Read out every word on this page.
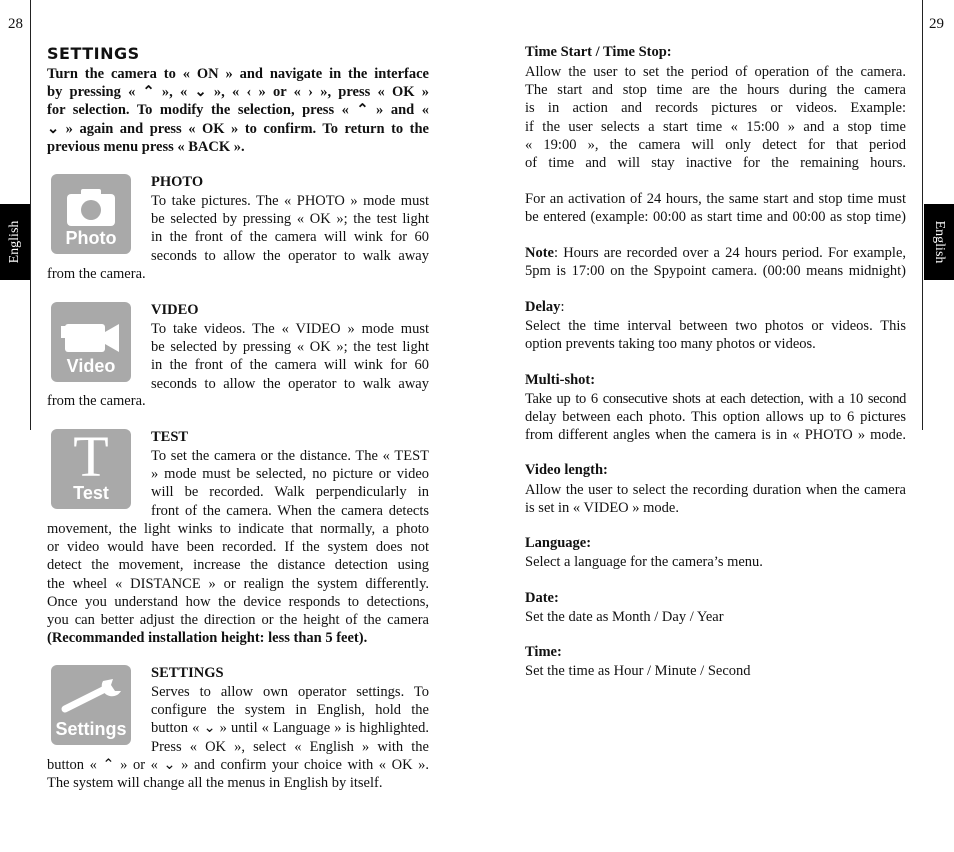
28	29
English	English
SETTINGS
Turn the camera to « ON » and navigate in the interface
by pressing « ⌃ », « ⌄ », « ‹ » or « › », press « OK »
for selection. To modify the selection, press « ⌃ » and «
⌄ » again and press « OK » to confirm. To return to the
previous menu press « BACK ».
Photo
PHOTO
To take pictures. The « PHOTO » mode must
be selected by pressing « OK »; the test light
in the front of the camera will wink for 60
seconds to allow the operator to walk away
from the camera.
Video
VIDEO
To take videos. The « VIDEO » mode must
be selected by pressing « OK »; the test light
in the front of the camera will wink for 60
seconds to allow the operator to walk away
from the camera.
T
Test
TEST
To set the camera or the distance. The « TEST
» mode must be selected, no picture or video
will be recorded. Walk perpendicularly in
front of the camera. When the camera detects
movement, the light winks to indicate that normally, a photo
or video would have been recorded. If the system does not
detect the movement, increase the distance detection using
the wheel « DISTANCE » or realign the system differently.
Once you understand how the device responds to detections,
you can better adjust the direction or the height of the camera
(Recommanded installation height: less than 5 feet).
Settings
SETTINGS
Serves to allow own operator settings. To
configure the system in English, hold the
button « ⌄ » until « Language » is highlighted.
Press « OK », select « English » with the
button « ⌃ » or « ⌄ » and confirm your choice with « OK ».
The system will change all the menus in English by itself.
Time Start / Time Stop:
Allow the user to set the period of operation of the camera.
The start and stop time are the hours during the camera
is in action and records pictures or videos. Example:
if the user selects a start time « 15:00 » and a stop time
« 19:00 », the camera will only detect for that period
of time and will stay inactive for the remaining hours.
For an activation of 24 hours, the same start and stop time must
be entered (example: 00:00 as start time and 00:00 as stop time)
Note: Hours are recorded over a 24 hours period. For example,
5pm is 17:00 on the Spypoint camera. (00:00 means midnight)
Delay:
Select the time interval between two photos or videos. This
option prevents taking too many photos or videos.
Multi-shot:
Take up to 6 consecutive shots at each detection, with a 10 second
delay between each photo. This option allows up to 6 pictures
from different angles when the camera is in « PHOTO » mode.
Video length:
Allow the user to select the recording duration when the camera
is set in « VIDEO » mode.
Language:
Select a language for the camera’s menu.
Date:
Set the date as Month / Day / Year
Time:
Set the time as Hour / Minute / Second
